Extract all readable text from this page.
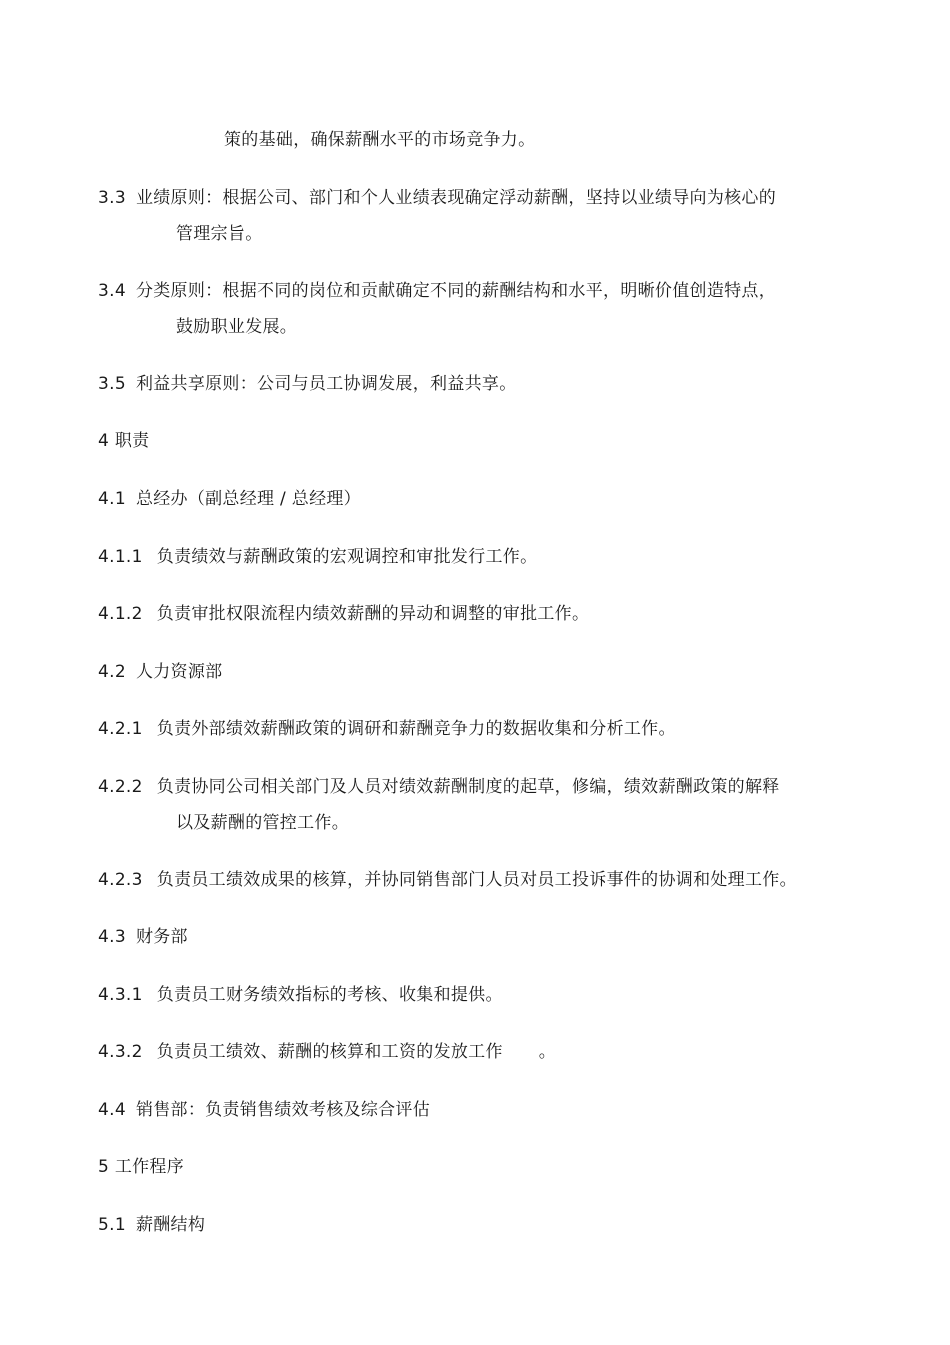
策的基础，确保薪酬水平的市场竞争力。
3.3 业绩原则：根据公司、部门和个人业绩表现确定浮动薪酬，坚持以业绩导向为核心的
管理宗旨。
3.4 分类原则：根据不同的岗位和贡献确定不同的薪酬结构和水平，明晰价值创造特点，
鼓励职业发展。
3.5 利益共享原则：公司与员工协调发展，利益共享。
4 职责
4.1 总经办（副总经理 / 总经理）
4.1.1 负责绩效与薪酬政策的宏观调控和审批发行工作。
4.1.2 负责审批权限流程内绩效薪酬的异动和调整的审批工作。
4.2 人力资源部
4.2.1 负责外部绩效薪酬政策的调研和薪酬竞争力的数据收集和分析工作。
4.2.2 负责协同公司相关部门及人员对绩效薪酬制度的起草，修编，绩效薪酬政策的解释
以及薪酬的管控工作。
4.2.3 负责员工绩效成果的核算，并协同销售部门人员对员工投诉事件的协调和处理工作。
4.3 财务部
4.3.1 负责员工财务绩效指标的考核、收集和提供。
4.3.2 负责员工绩效、薪酬的核算和工资的发放工作 。
4.4 销售部：负责销售绩效考核及综合评估
5 工作程序
5.1 薪酬结构
